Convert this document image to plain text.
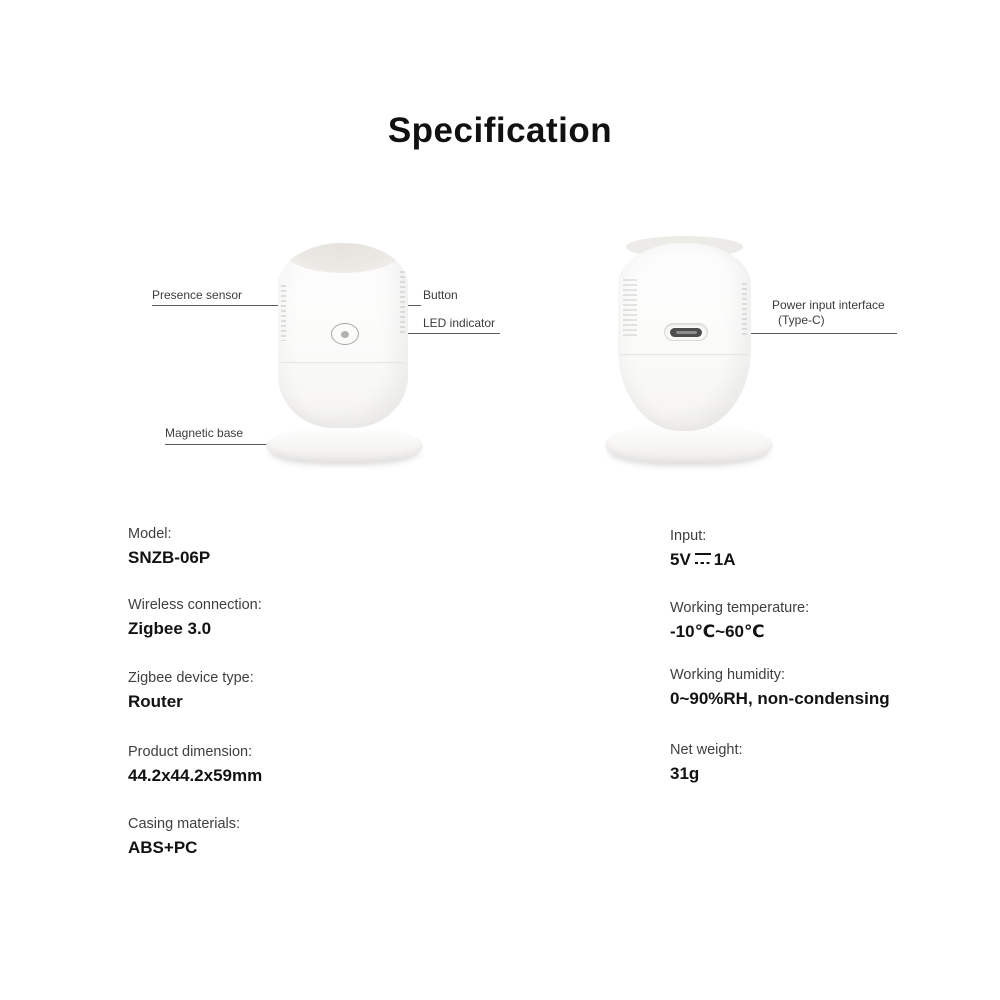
Specification
Presence sensor	Button
LED indicator
Magnetic base
Power input interface
(Type-C)
Model:
SNZB-06P
Wireless connection:
Zigbee 3.0
Zigbee device type:
Router
Product dimension:
44.2x44.2x59mm
Casing materials:
ABS+PC
Input:
5V 1A
Working temperature:
-10℃~60℃
Working humidity:
0~90%RH, non-condensing
Net weight:
31g
